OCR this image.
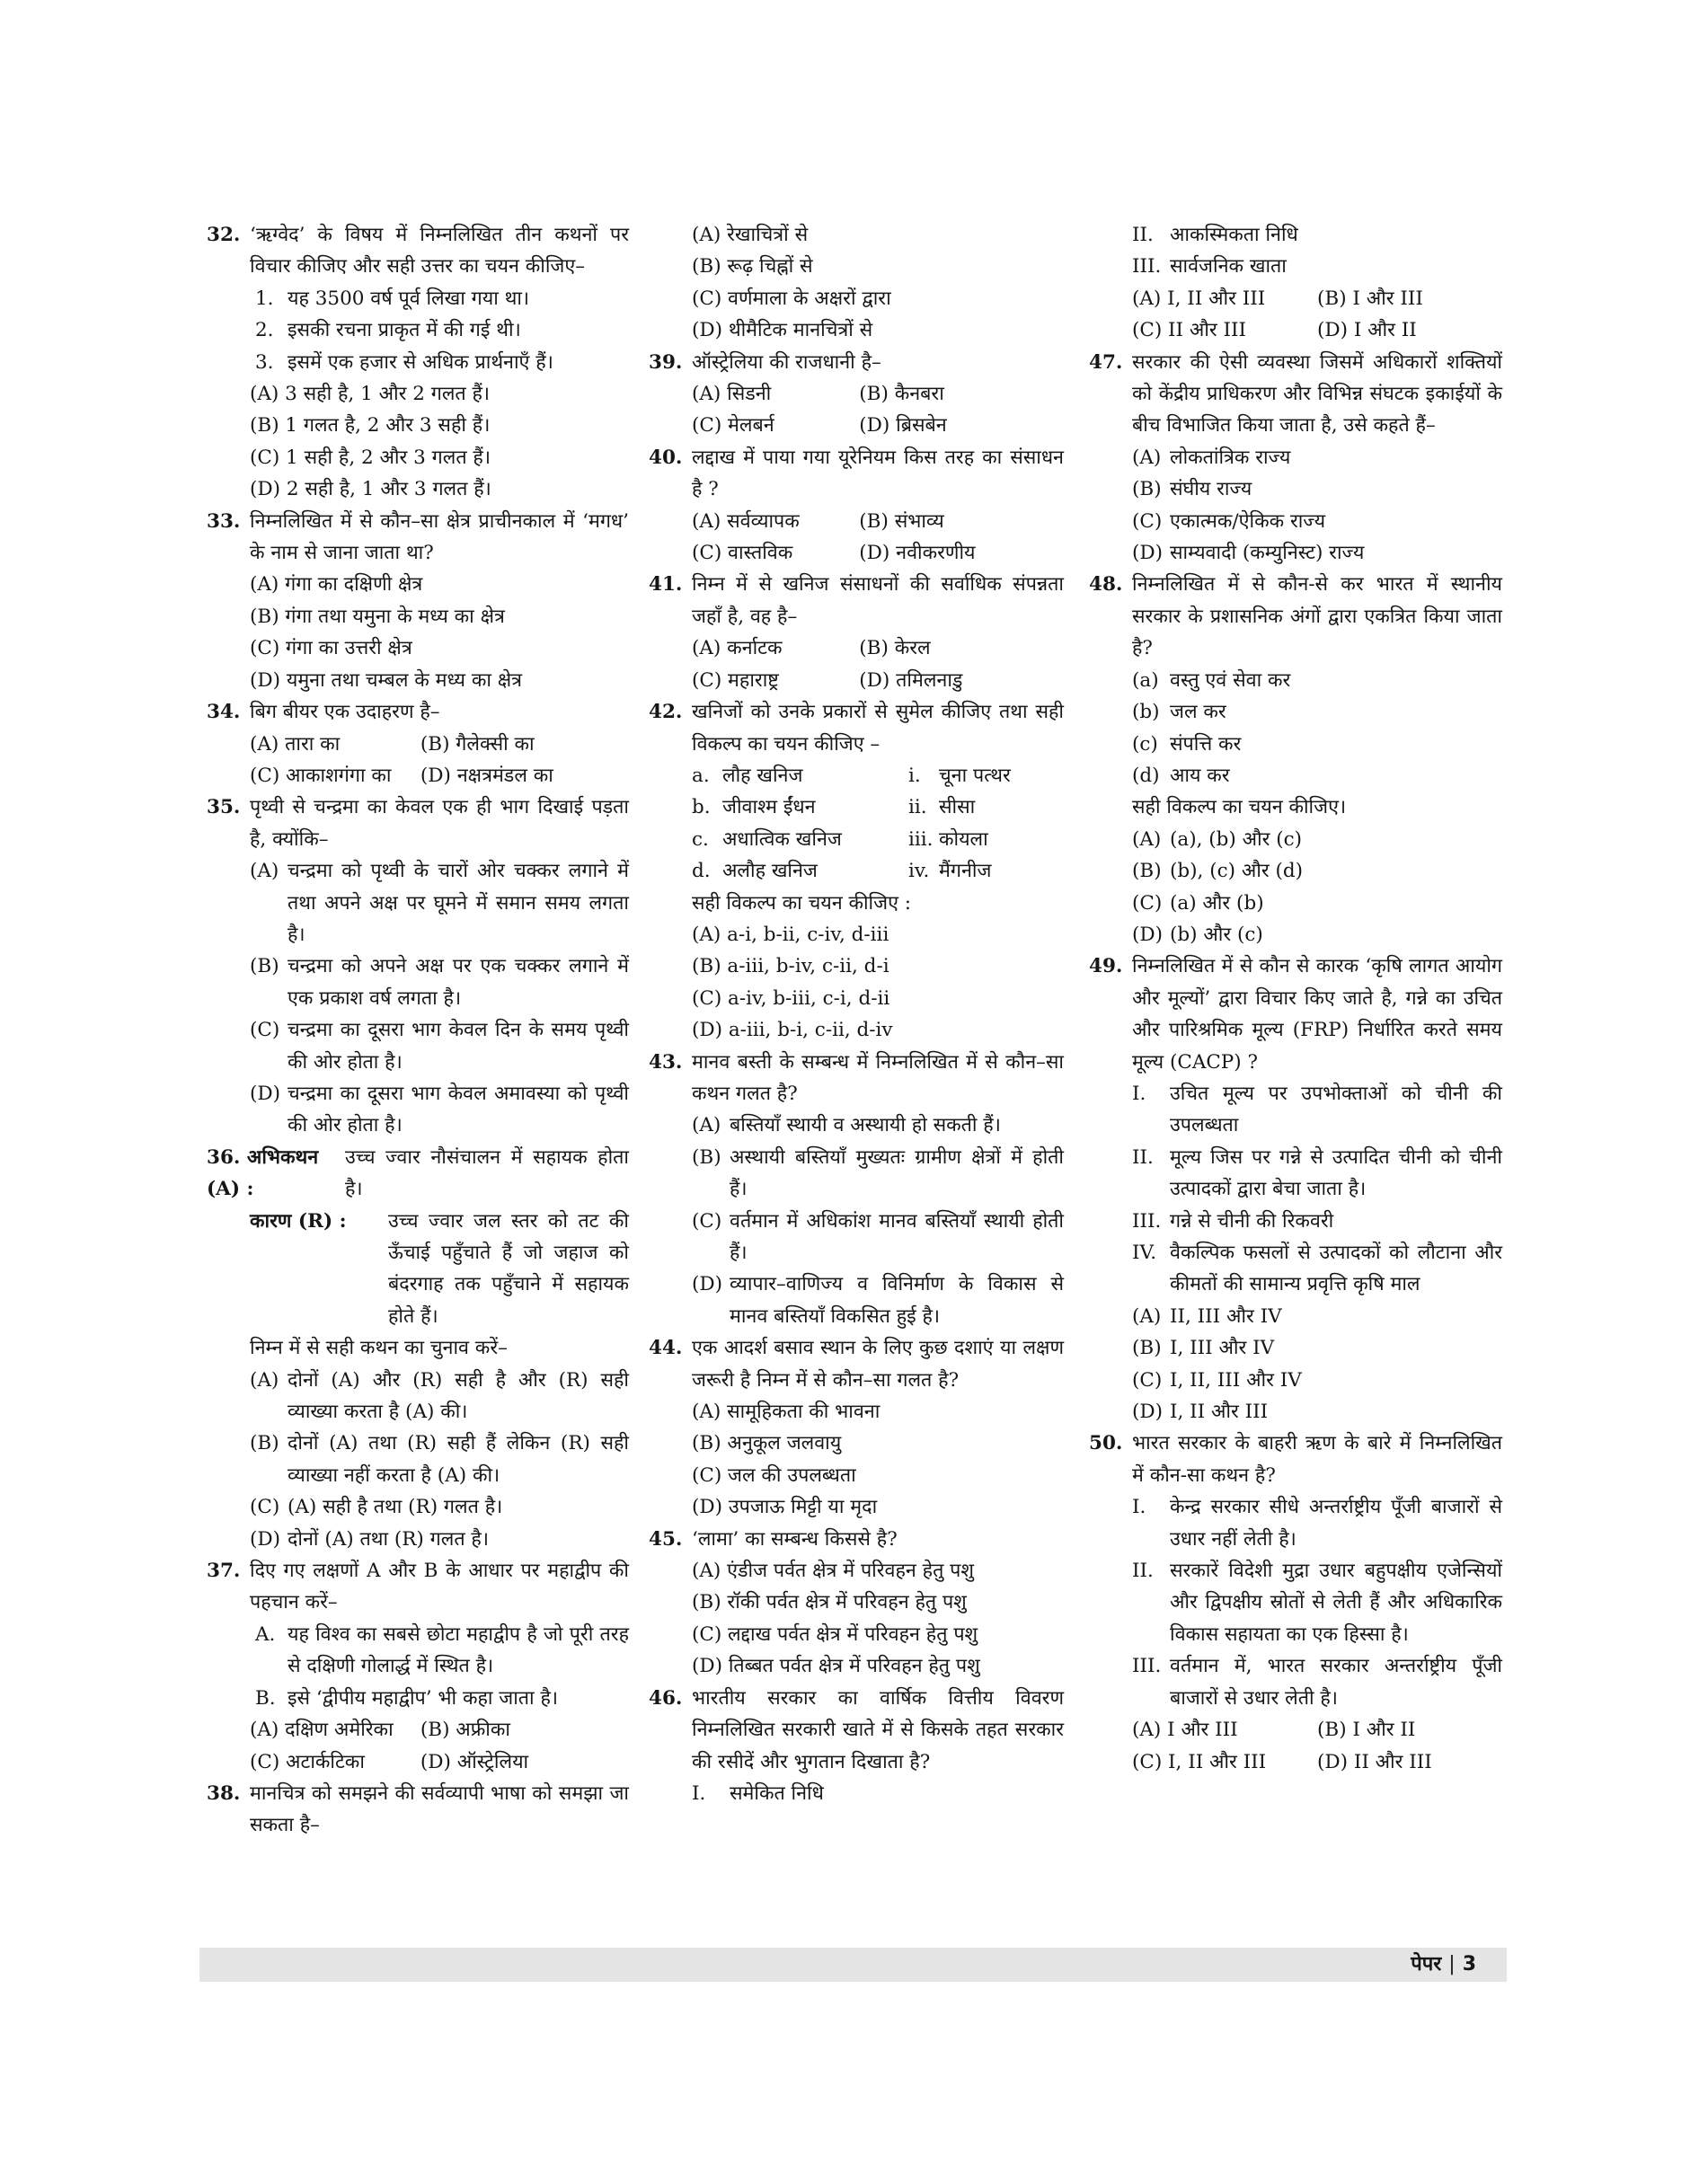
32. ‘ऋग्वेद’ के विषय में निम्नलिखित तीन कथनों पर विचार कीजिए और सही उत्तर का चयन कीजिए–
1. यह 3500 वर्ष पूर्व लिखा गया था।
2. इसकी रचना प्राकृत में की गई थी।
3. इसमें एक हजार से अधिक प्रार्थनाएँ हैं।
(A) 3 सही है, 1 और 2 गलत हैं।
(B) 1 गलत है, 2 और 3 सही हैं।
(C) 1 सही है, 2 और 3 गलत हैं।
(D) 2 सही है, 1 और 3 गलत हैं।
33. निम्नलिखित में से कौन–सा क्षेत्र प्राचीनकाल में ‘मगध’ के नाम से जाना जाता था?
(A) गंगा का दक्षिणी क्षेत्र
(B) गंगा तथा यमुना के मध्य का क्षेत्र
(C) गंगा का उत्तरी क्षेत्र
(D) यमुना तथा चम्बल के मध्य का क्षेत्र
34. बिग बीयर एक उदाहरण है–
(A) तारा का	(B) गैलेक्सी का
(C) आकाशगंगा का	(D) नक्षत्रमंडल का
35. पृथ्वी से चन्द्रमा का केवल एक ही भाग दिखाई पड़ता है, क्योंकि–
(A) चन्द्रमा को पृथ्वी के चारों ओर चक्कर लगाने में तथा अपने अक्ष पर घूमने में समान समय लगता है।
(B) चन्द्रमा को अपने अक्ष पर एक चक्कर लगाने में एक प्रकाश वर्ष लगता है।
(C) चन्द्रमा का दूसरा भाग केवल दिन के समय पृथ्वी की ओर होता है।
(D) चन्द्रमा का दूसरा भाग केवल अमावस्या को पृथ्वी की ओर होता है।
36. अभिकथन (A) :
उच्च ज्वार नौसंचालन में सहायक होता है।
कारण (R) :	उच्च ज्वार जल स्तर को तट की ऊँचाई पहुँचाते हैं जो जहाज को बंदरगाह तक पहुँचाने में सहायक होते हैं।
निम्न में से सही कथन का चुनाव करें–
(A) दोनों (A) और (R) सही है और (R) सही व्याख्या करता है (A) की।
(B) दोनों (A) तथा (R) सही हैं लेकिन (R) सही व्याख्या नहीं करता है (A) की।
(C) (A) सही है तथा (R) गलत है।
(D) दोनों (A) तथा (R) गलत है।
37. दिए गए लक्षणों A और B के आधार पर महाद्वीप की पहचान करें–
A. यह विश्व का सबसे छोटा महाद्वीप है जो पूरी तरह से दक्षिणी गोलार्द्ध में स्थित है।
B. इसे ‘द्वीपीय महाद्वीप’ भी कहा जाता है।
(A) दक्षिण अमेरिका	(B) अफ्रीका
(C) अटार्कटिका	(D) ऑस्ट्रेलिया
38. मानचित्र को समझने की सर्वव्यापी भाषा को समझा जा सकता है–
(A) रेखाचित्रों से
(B) रूढ़ चिह्नों से
(C) वर्णमाला के अक्षरों द्वारा
(D) थीमैटिक मानचित्रों से
39. ऑस्ट्रेलिया की राजधानी है–
(A) सिडनी	(B) कैनबरा
(C) मेलबर्न	(D) ब्रिसबेन
40. लद्दाख में पाया गया यूरेनियम किस तरह का संसाधन है ?
(A) सर्वव्यापक	(B) संभाव्य
(C) वास्तविक	(D) नवीकरणीय
41. निम्न में से खनिज संसाधनों की सर्वाधिक संपन्नता जहाँ है, वह है–
(A) कर्नाटक	(B) केरल
(C) महाराष्ट्र	(D) तमिलनाडु
42. खनिजों को उनके प्रकारों से सुमेल कीजिए तथा सही विकल्प का चयन कीजिए –
a. लौह खनिज	i. चूना पत्थर
b. जीवाश्म ईंधन	ii. सीसा
c. अधात्विक खनिज	iii. कोयला
d. अलौह खनिज	iv. मैंगनीज
सही विकल्प का चयन कीजिए :
(A) a-i, b-ii, c-iv, d-iii
(B) a-iii, b-iv, c-ii, d-i
(C) a-iv, b-iii, c-i, d-ii
(D) a-iii, b-i, c-ii, d-iv
43. मानव बस्ती के सम्बन्ध में निम्नलिखित में से कौन–सा कथन गलत है?
(A) बस्तियाँ स्थायी व अस्थायी हो सकती हैं।
(B) अस्थायी बस्तियाँ मुख्यतः ग्रामीण क्षेत्रों में होती हैं।
(C) वर्तमान में अधिकांश मानव बस्तियाँ स्थायी होती हैं।
(D) व्यापार–वाणिज्य व विनिर्माण के विकास से मानव बस्तियाँ विकसित हुई है।
44. एक आदर्श बसाव स्थान के लिए कुछ दशाएं या लक्षण जरूरी है निम्न में से कौन–सा गलत है?
(A) सामूहिकता की भावना
(B) अनुकूल जलवायु
(C) जल की उपलब्धता
(D) उपजाऊ मिट्टी या मृदा
45. ‘लामा’ का सम्बन्ध किससे है?
(A) एंडीज पर्वत क्षेत्र में परिवहन हेतु पशु
(B) रॉकी पर्वत क्षेत्र में परिवहन हेतु पशु
(C) लद्दाख पर्वत क्षेत्र में परिवहन हेतु पशु
(D) तिब्बत पर्वत क्षेत्र में परिवहन हेतु पशु
46. भारतीय सरकार का वार्षिक वित्तीय विवरण निम्नलिखित सरकारी खाते में से किसके तहत सरकार की रसीदें और भुगतान दिखाता है?
I. समेकित निधि
II. आकस्मिकता निधि
III. सार्वजनिक खाता
(A) I, II और III	(B) I और III
(C) II और III	(D) I और II
47. सरकार की ऐसी व्यवस्था जिसमें अधिकारों शक्तियों को केंद्रीय प्राधिकरण और विभिन्न संघटक इकाईयों के बीच विभाजित किया जाता है, उसे कहते हैं–
(A) लोकतांत्रिक राज्य
(B) संघीय राज्य
(C) एकात्मक/ऐकिक राज्य
(D) साम्यवादी (कम्युनिस्ट) राज्य
48. निम्नलिखित में से कौन-से कर भारत में स्थानीय सरकार के प्रशासनिक अंगों द्वारा एकत्रित किया जाता है?
(a) वस्तु एवं सेवा कर
(b) जल कर
(c) संपत्ति कर
(d) आय कर
सही विकल्प का चयन कीजिए।
(A) (a), (b) और (c)
(B) (b), (c) और (d)
(C) (a) और (b)
(D) (b) और (c)
49. निम्नलिखित में से कौन से कारक ‘कृषि लागत आयोग और मूल्यों’ द्वारा विचार किए जाते है, गन्ने का उचित और पारिश्रमिक मूल्य (FRP) निर्धारित करते समय मूल्य (CACP) ?
I. उचित मूल्य पर उपभोक्ताओं को चीनी की उपलब्धता
II. मूल्य जिस पर गन्ने से उत्पादित चीनी को चीनी उत्पादकों द्वारा बेचा जाता है।
III. गन्ने से चीनी की रिकवरी
IV. वैकल्पिक फसलों से उत्पादकों को लौटाना और कीमतों की सामान्य प्रवृत्ति कृषि माल
(A) II, III और IV
(B) I, III और IV
(C) I, II, III और IV
(D) I, II और III
50. भारत सरकार के बाहरी ऋण के बारे में निम्नलिखित में कौन-सा कथन है?
I. केन्द्र सरकार सीधे अन्तर्राष्ट्रीय पूँजी बाजारों से उधार नहीं लेती है।
II. सरकारें विदेशी मुद्रा उधार बहुपक्षीय एजेन्सियों और द्विपक्षीय स्रोतों से लेती हैं और अधिकारिक विकास सहायता का एक हिस्सा है।
III. वर्तमान में, भारत सरकार अन्तर्राष्ट्रीय पूँजी बाजारों से उधार लेती है।
(A) I और III	(B) I और II
(C) I, II और III	(D) II और III
पेपर | 3
